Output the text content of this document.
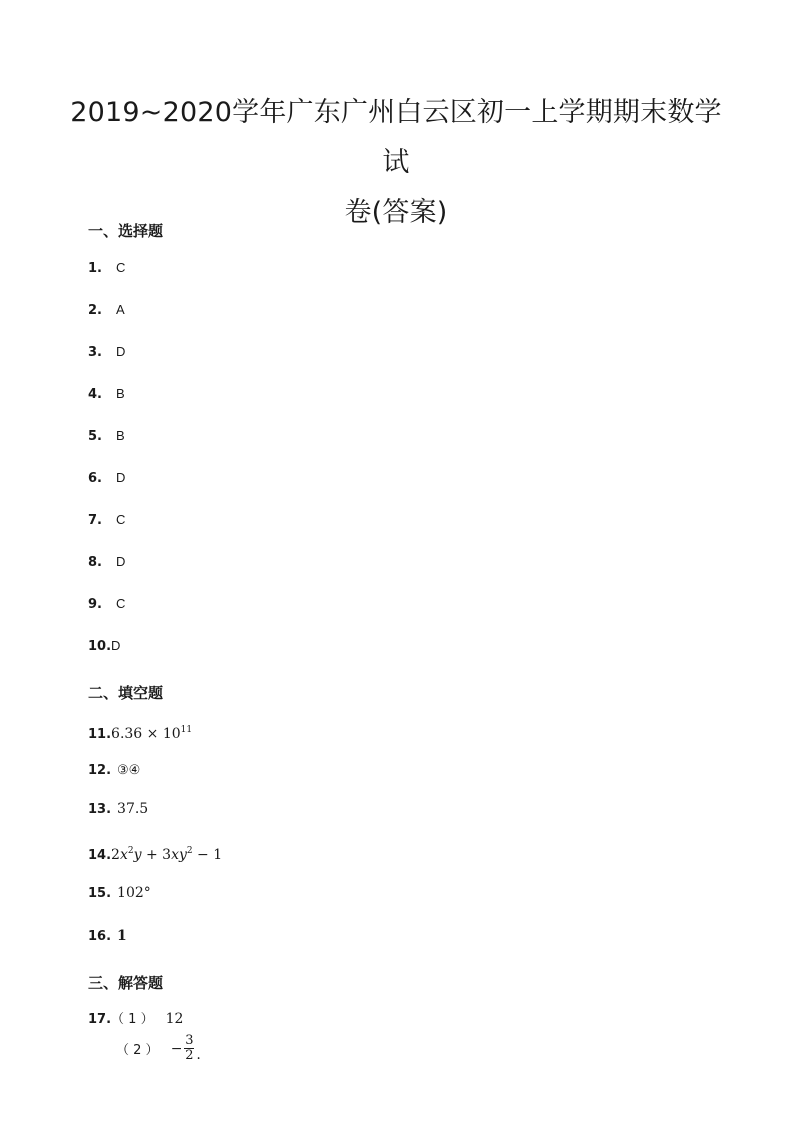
2019~2020学年广东广州白云区初一上学期期末数学试
卷(答案)
一、选择题
1. C
2. A
3. D
4. B
5. B
6. D
7. C
8. D
9. C
10.D
二、填空题
$11.6.36 \times 10^{11}$
12. ③④
13. 37.5
$14.2x^2y + 3xy^2 - 1$
15. 102°
16. 1
三、解答题
17.（ 1 ） 12
（ 2 ） − $\frac{3}{2}$ .
